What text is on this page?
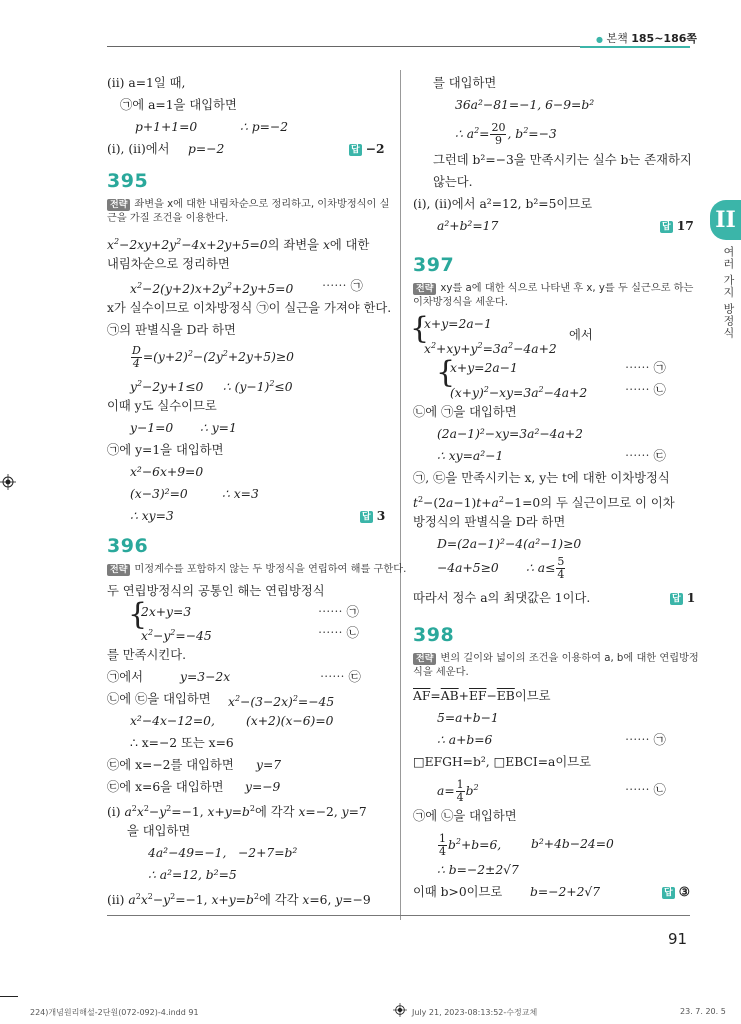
● 본책 185~186쪽
II
여러 가지 방정식
(ii) a=1일 때,
㉠에 a=1을 대입하면
p+1+1=0	∴ p=−2
(i), (ii)에서 p=−2	답 −2
395
전략 좌변을 x에 대한 내림차순으로 정리하고, 이차방정식이 실
근을 가질 조건을 이용한다.
$x^2-2xy+2y^2-4x+2y+5=0$의 좌변을 x에 대한
내림차순으로 정리하면
$x^2-2(y+2)x+2y^2+2y+5=0$ ⋯⋯ ㉠
x가 실수이므로 이차방정식 ㉠이 실근을 가져야 한다.
㉠의 판별식을 D라 하면
$\frac{D}{4} =(y+2)^2-(2y^2+2y+5)\ge 0$
$y^2-2y+1\le 0$     ∴ $(y-1)^2\le 0$
이때 y도 실수이므로
y−1=0 ∴ y=1
㉠에 y=1을 대입하면
x²−6x+9=0
(x−3)²=0	∴ x=3
∴ xy=3	답 3
396
전략 미정계수를 포함하지 않는 두 방정식을 연립하여 해를 구한다.
두 연립방정식의 공통인 해는 연립방정식
{
2x+y=3	⋯⋯ ㉠
$x^2-y^2=-45$	⋯⋯ ㉡
를 만족시킨다.
㉠에서	y=3−2x	⋯⋯ ㉢
㉡에 ㉢을 대입하면 $x^2-(3-2x)^2=-45$
x²−4x−12=0,	(x+2)(x−6)=0
∴ x=−2 또는 x=6
㉢에 x=−2를 대입하면 y=7
㉢에 x=6을 대입하면 y=−9
(i) $a^2x^2-y^2=-1$, $x+y=b^2$에 각각 x=−2, y=7
을 대입하면
4a²−49=−1, −2+7=b²
∴ a²=12, b²=5
(ii) $a^2x^2-y^2=-1$, $x+y=b^2$에 각각 x=6, y=−9
를 대입하면
36a²−81=−1, 6−9=b²
∴ $a^2= \frac{20}{9}$ , $b^2=-3$
그런데 b²=−3을 만족시키는 실수 b는 존재하지
않는다.
(i), (ii)에서 a²=12, b²=5이므로
a²+b²=17	답 17
397
전략 xy를 a에 대한 식으로 나타낸 후 x, y를 두 실근으로 하는
이차방정식을 세운다.
{
x+y=2a−1
$x^2+xy+y^2=3a^2-4a+2$
에서
{
x+y=2a−1	⋯⋯ ㉠
$(x+y)^2-xy=3a^2-4a+2$	⋯⋯ ㉡
㉡에 ㉠을 대입하면
(2a−1)²−xy=3a²−4a+2
∴ xy=a²−1	⋯⋯ ㉢
㉠, ㉢을 만족시키는 x, y는 t에 대한 이차방정식
$t^2-(2a-1)t+a^2-1=0$의 두 실근이므로 이 이차
방정식의 판별식을 D라 하면
D=(2a−1)²−4(a²−1)≥0
−4a+5≥0 ∴ $a\le \frac{5}{4}$
따라서 정수 a의 최댓값은 1이다.	답 1
398
전략 변의 길이와 넓이의 조건을 이용하여 a, b에 대한 연립방정
식을 세운다.
$\overline{AF}=\overline{AB}+\overline{EF}-\overline{EB}$이므로
5=a+b−1
∴ a+b=6	⋯⋯ ㉠
□EFGH=b², □EBCI=a이므로
$a= \frac{1}{4} b^2$	⋯⋯ ㉡
㉠에 ㉡을 대입하면
$\frac{1}{4} b^2+b=6$, b²+4b−24=0
∴ b=−2±2√7
이때 b>0이므로 b=−2+2√7	답 ③
91
224)개념원리해설-2단원(072-092)-4.indd 91	July 21, 2023-08:13:52-수정교체	23. 7. 20. 5
